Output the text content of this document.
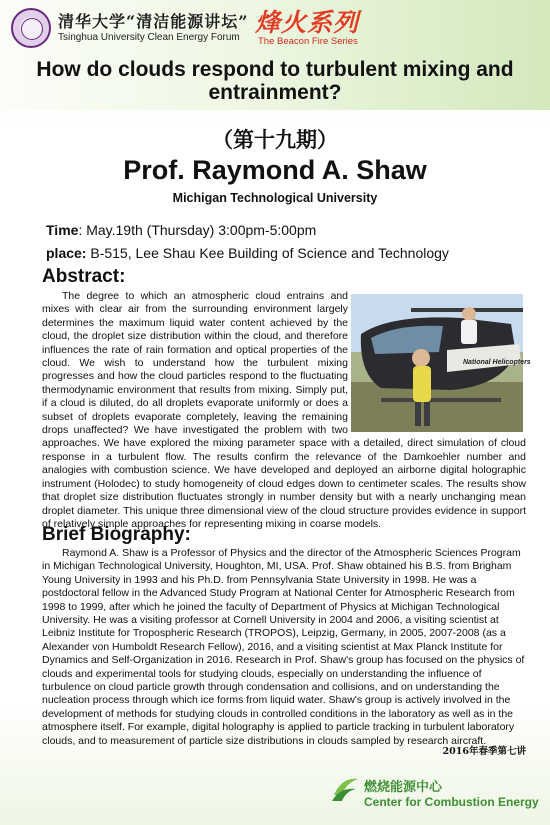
清华大学“清洁能源讲坛”
Tsinghua University Clean Energy Forum
烽火系列
The Beacon Fire Series
How do clouds respond to turbulent mixing and entrainment?
（第十九期）
Prof. Raymond A. Shaw
Michigan Technological University
Time: May.19th (Thursday) 3:00pm-5:00pm
place: B-515, Lee Shau Kee Building of Science and Technology
Abstract:
National Helicopters
The degree to which an atmospheric cloud entrains and mixes with clear air from the surrounding environment largely determines the maximum liquid water content achieved by the cloud, the droplet size distribution within the cloud, and therefore influences the rate of rain formation and optical properties of the cloud. We wish to understand how the turbulent mixing progresses and how the cloud particles respond to the fluctuating thermodynamic environment that results from mixing. Simply put, if a cloud is diluted, do all droplets evaporate uniformly or does a subset of droplets evaporate completely, leaving the remaining drops unaffected? We have investigated the problem with two approaches. We have explored the mixing parameter space with a detailed, direct simulation of cloud response in a turbulent flow. The results confirm the relevance of the Damkoehler number and analogies with combustion science. We have developed and deployed an airborne digital holographic instrument (Holodec) to study homogeneity of cloud edges down to centimeter scales. The results show that droplet size distribution fluctuates strongly in number density but with a nearly unchanging mean droplet diameter. This unique three dimensional view of the cloud structure provides evidence in support of relatively simple approaches for representing mixing in coarse models.
Brief Biography:
Raymond A. Shaw is a Professor of Physics and the director of the Atmospheric Sciences Program in Michigan Technological University, Houghton, MI, USA. Prof. Shaw obtained his B.S. from Brigham Young University in 1993 and his Ph.D. from Pennsylvania State University in 1998. He was a postdoctoral fellow in the Advanced Study Program at National Center for Atmospheric Research from 1998 to 1999, after which he joined the faculty of Department of Physics at Michigan Technological University. He was a visiting professor at Cornell University in 2004 and 2006, a visiting scientist at Leibniz Institute for Tropospheric Research (TROPOS), Leipzig, Germany, in 2005, 2007-2008 (as a Alexander von Humboldt Research Fellow), 2016, and a visiting scientist at Max Planck Institute for Dynamics and Self-Organization in 2016. Research in Prof. Shaw's group has focused on the physics of clouds and experimental tools for studying clouds, especially on understanding the influence of turbulence on cloud particle growth through condensation and collisions, and on understanding the nucleation process through which ice forms from liquid water. Shaw's group is actively involved in the development of methods for studying clouds in controlled conditions in the laboratory as well as in the atmosphere itself. For example, digital holography is applied to particle tracking in turbulent laboratory clouds, and to measurement of particle size distributions in clouds sampled by research aircraft.
2016年春季第七讲
燃烧能源中心
Center for Combustion Energy
